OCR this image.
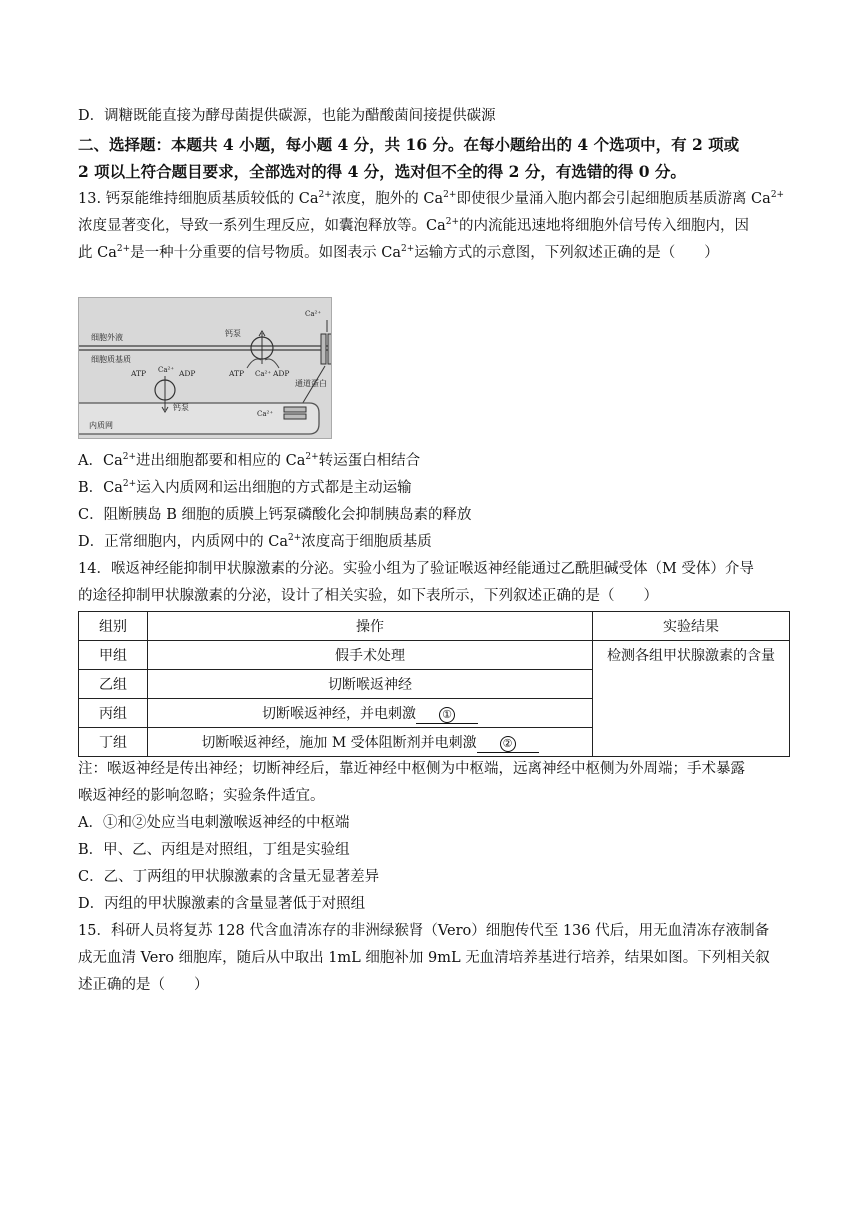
D．调糖既能直接为酵母菌提供碳源，也能为醋酸菌间接提供碳源
二、选择题：本题共 4 小题，每小题 4 分，共 16 分。在每小题给出的 4 个选项中，有 2 项或
2 项以上符合题目要求，全部选对的得 4 分，选对但不全的得 2 分，有选错的得 0 分。
13. 钙泵能维持细胞质基质较低的 $Ca^{2+}$浓度，胞外的 $Ca^{2+}$即使很少量涌入胞内都会引起细胞质基质游离 $Ca^{2+}$
浓度显著变化，导致一系列生理反应，如囊泡释放等。$Ca^{2+}$的内流能迅速地将细胞外信号传入细胞内，因
此 $Ca^{2+}$是一种十分重要的信号物质。如图表示 $Ca^{2+}$运输方式的示意图，下列叙述正确的是（　　）
细胞外液
细胞质基质
钙泵
ATP Ca²⁺ ADP
Ca²⁺
通道蛋白
内质网
钙泵
ATP Ca²⁺ ADP
Ca²⁺
A．$Ca^{2+}$进出细胞都要和相应的 $Ca^{2+}$转运蛋白相结合
B．$Ca^{2+}$运入内质网和运出细胞的方式都是主动运输
C．阻断胰岛 B 细胞的质膜上钙泵磷酸化会抑制胰岛素的释放
D．正常细胞内，内质网中的 $Ca^{2+}$浓度高于细胞质基质
14．喉返神经能抑制甲状腺激素的分泌。实验小组为了验证喉返神经能通过乙酰胆碱受体（M 受体）介导
的途径抑制甲状腺激素的分泌，设计了相关实验，如下表所示，下列叙述正确的是（　　）
组别	操作	实验结果
甲组	假手术处理	检测各组甲状腺激素的含量
乙组	切断喉返神经	
丙组	切断喉返神经，并电刺激 ①	
丁组	切断喉返神经，施加 M 受体阻断剂并电刺激 ②	
注：喉返神经是传出神经；切断神经后，靠近神经中枢侧为中枢端，远离神经中枢侧为外周端；手术暴露
喉返神经的影响忽略；实验条件适宜。
A．①和②处应当电刺激喉返神经的中枢端
B．甲、乙、丙组是对照组，丁组是实验组
C．乙、丁两组的甲状腺激素的含量无显著差异
D．丙组的甲状腺激素的含量显著低于对照组
15．科研人员将复苏 128 代含血清冻存的非洲绿猴肾（Vero）细胞传代至 136 代后，用无血清冻存液制备
成无血清 Vero 细胞库，随后从中取出 1mL 细胞补加 9mL 无血清培养基进行培养，结果如图。下列相关叙
述正确的是（　　）
